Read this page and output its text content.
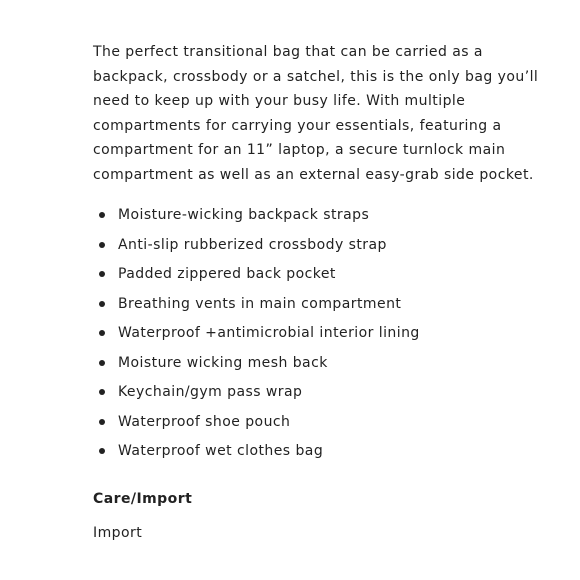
The perfect transitional bag that can be carried as a backpack, crossbody or a satchel, this is the only bag you’ll need to keep up with your busy life. With multiple compartments for carrying your essentials, featuring a compartment for an 11” laptop, a secure turnlock main compartment as well as an external easy-grab side pocket.

Moisture-wicking backpack straps
Anti-slip rubberized crossbody strap
Padded zippered back pocket
Breathing vents in main compartment
Waterproof +antimicrobial interior lining
Moisture wicking mesh back
Keychain/gym pass wrap
Waterproof shoe pouch
Waterproof wet clothes bag
Care/Import

Import
